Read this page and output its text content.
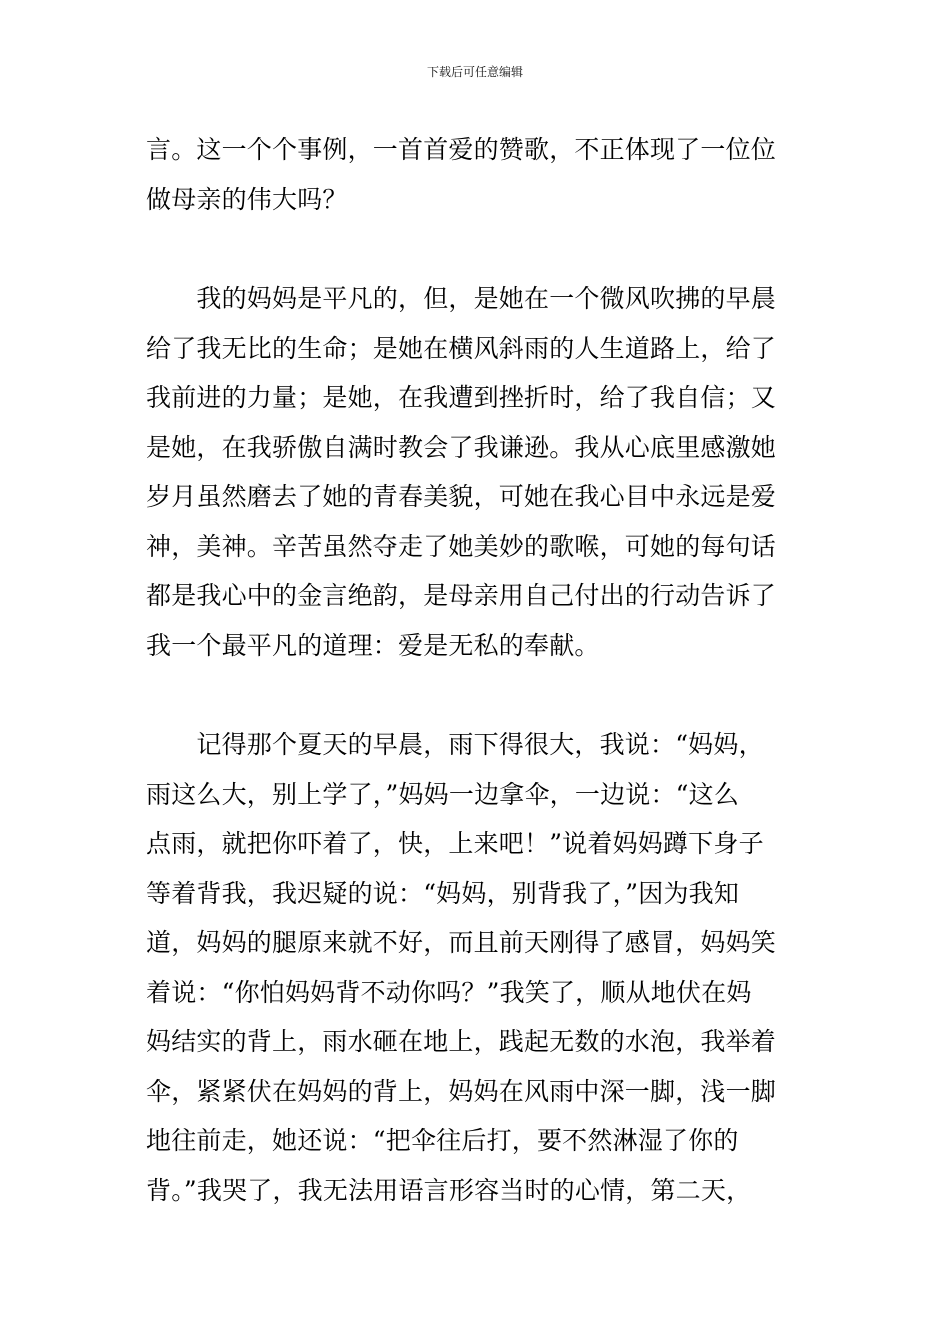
下载后可任意编辑
言。这一个个事例，一首首爱的赞歌，不正体现了一位位
做母亲的伟大吗？
　　我的妈妈是平凡的，但，是她在一个微风吹拂的早晨
给了我无比的生命；是她在横风斜雨的人生道路上，给了
我前进的力量；是她，在我遭到挫折时，给了我自信；又
是她，在我骄傲自满时教会了我谦逊。我从心底里感激她
岁月虽然磨去了她的青春美貌，可她在我心目中永远是爱
神，美神。辛苦虽然夺走了她美妙的歌喉，可她的每句话
都是我心中的金言绝韵，是母亲用自己付出的行动告诉了
我一个最平凡的道理：爱是无私的奉献。
　　记得那个夏天的早晨，雨下得很大，我说：“妈妈，
雨这么大，别上学了，”妈妈一边拿伞，一边说：“这么
点雨，就把你吓着了，快，上来吧！”说着妈妈蹲下身子
等着背我，我迟疑的说：“妈妈，别背我了，”因为我知
道，妈妈的腿原来就不好，而且前天刚得了感冒，妈妈笑
着说：“你怕妈妈背不动你吗？”我笑了，顺从地伏在妈
妈结实的背上，雨水砸在地上，践起无数的水泡，我举着
伞，紧紧伏在妈妈的背上，妈妈在风雨中深一脚，浅一脚
地往前走，她还说：“把伞往后打，要不然淋湿了你的
背。”我哭了，我无法用语言形容当时的心情，第二天，
